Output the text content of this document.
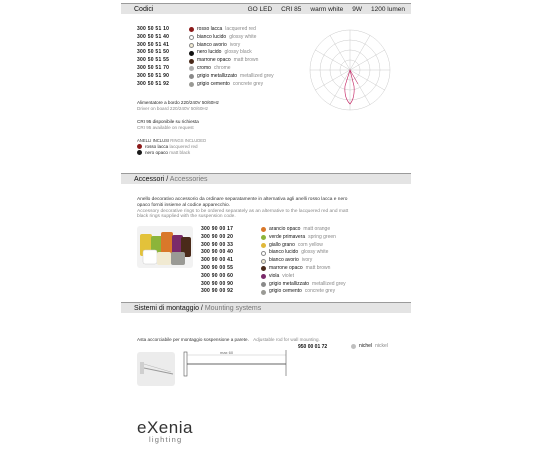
Codici	GO LED CRI 85 warm white 9W 1200 lumen
300 50 51 10	rosso lacca lacquered red
300 50 51 40	bianco lucido glossy white
300 50 51 41	bianco avorio ivory
300 50 51 50	nero lucido glossy black
300 50 51 55	marrone opaco matt brown
300 50 51 70	cromo chrome
300 50 51 90	grigio metallizzato metallized grey
300 50 51 92	grigio cemento concrete grey
Alimentatore a bordo 220/240V 50/60Hz
Driver on board 220/240V 50/60Hz
CRI 95 disponibile su richiesta
CRI 95 available on request
ANELLI INCLUSI RINGS INCLUDED
rosso lacca
lacquered red
nero opaco
matt black
Accessori / Accessories
Anello decorativo accessorio da ordinare separatamente in alternativa agli anelli rosso lacca e nero opaco forniti insieme al codice apparecchio.
Accessory decorative rings to be ordered separately as an alternative to the lacquered red and matt black rings supplied with the suspension code.
300 90 00 17	arancio opaco matt orange
300 90 00 20	verde primavera spring green
300 90 00 33	giallo grano corn yellow
300 90 00 40	bianco lucido glossy white
300 90 00 41	bianco avorio ivory
300 90 00 55	marrone opaco matt brown
300 90 00 60	viola violet
300 90 00 90	grigio metallizzato metallized grey
300 90 00 92	grigio cemento concrete grey
Sistemi di montaggio / Mounting systems
Asta accorciabile per montaggio sospensione a parete. Adjustable rod for wall mounting.
950 00 01 72	nichel nickel
max 60
eXenia
lighting
